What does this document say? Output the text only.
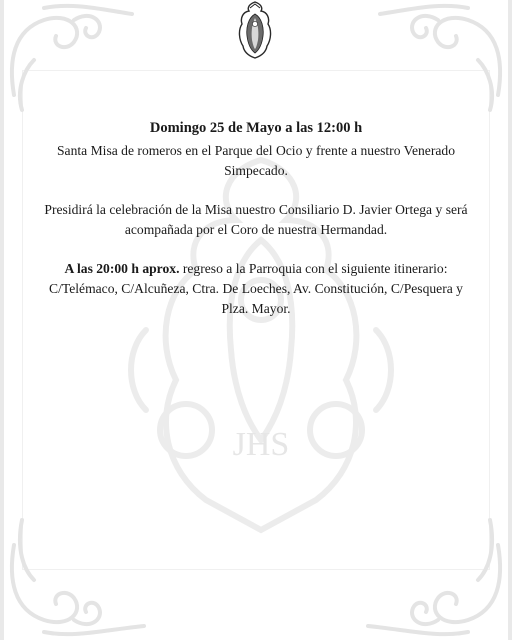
JHS

Domingo 25 de Mayo a las 12:00 h

Santa Misa de romeros en el Parque del Ocio y frente a nuestro Venerado Simpecado.

Presidirá la celebración de la Misa nuestro Consiliario D. Javier Ortega y será acompañada por el Coro de nuestra Hermandad.

A las 20:00 h aprox. regreso a la Parroquia con el siguiente itinerario: C/Telémaco, C/Alcuñeza, Ctra. De Loeches, Av. Constitución, C/Pesquera y Plza. Mayor.
